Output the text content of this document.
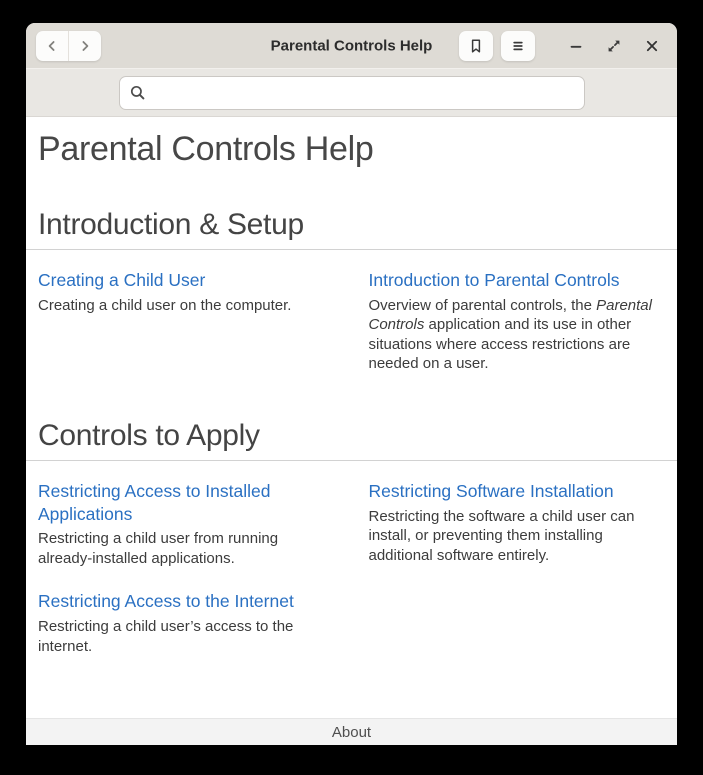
Parental Controls Help
Parental Controls Help
Introduction & Setup
Creating a Child User
Creating a child user on the computer.
Introduction to Parental Controls
Overview of parental controls, the Parental Controls application and its use in other situations where access restrictions are needed on a user.
Controls to Apply
Restricting Access to Installed Applications
Restricting a child user from running already-installed applications.
Restricting Software Installation
Restricting the software a child user can install, or preventing them installing additional software entirely.
Restricting Access to the Internet
Restricting a child user’s access to the internet.
About
